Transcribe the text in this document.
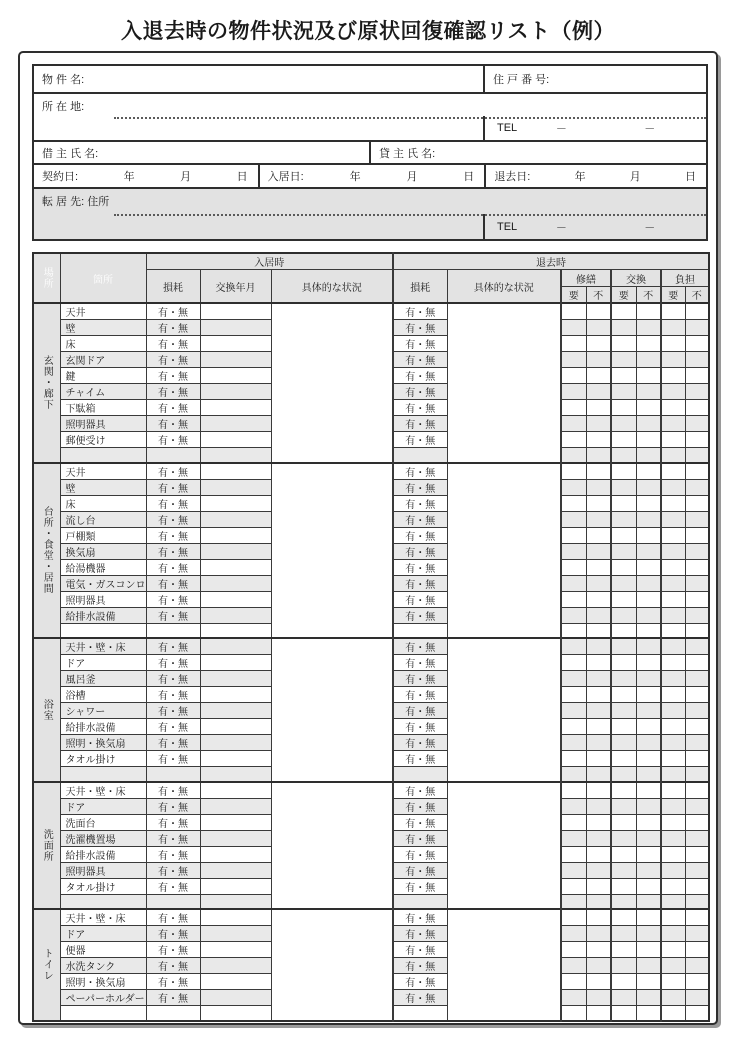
入退去時の物件状況及び原状回復確認リスト（例）
物 件 名:	住 戸 番 号:
所 在 地:
TEL	－	－
借 主 氏 名:	貸 主 氏 名:
契約日:	年	月	日 入居日:	年	月	日 退去日:	年	月	日
転 居 先: 住所
TEL	－	－
場所	箇所	入居時			退去時							
		損耗	交換年月	具体的な状況	損耗	具体的な状況	修繕		交換		負担	
							要	不	要	不	要	不
玄関・廊下	天井	有・無			有・無							
	壁	有・無			有・無							
	床	有・無			有・無							
	玄関ドア	有・無			有・無							
	鍵	有・無			有・無							
	チャイム	有・無			有・無							
	下駄箱	有・無			有・無							
	照明器具	有・無			有・無							
	郵便受け	有・無			有・無							

台所・食堂・居間	天井	有・無			有・無							
	壁	有・無			有・無							
	床	有・無			有・無							
	流し台	有・無			有・無							
	戸棚類	有・無			有・無							
	換気扇	有・無			有・無							
	給湯機器	有・無			有・無							
	電気・ガスコンロ	有・無			有・無							
	照明器具	有・無			有・無							
	給排水設備	有・無			有・無							

浴室	天井・壁・床	有・無			有・無							
	ドア	有・無			有・無							
	風呂釜	有・無			有・無							
	浴槽	有・無			有・無							
	シャワー	有・無			有・無							
	給排水設備	有・無			有・無							
	照明・換気扇	有・無			有・無							
	タオル掛け	有・無			有・無							

洗面所	天井・壁・床	有・無			有・無							
	ドア	有・無			有・無							
	洗面台	有・無			有・無							
	洗濯機置場	有・無			有・無							
	給排水設備	有・無			有・無							
	照明器具	有・無			有・無							
	タオル掛け	有・無			有・無							

トイレ	天井・壁・床	有・無			有・無							
	ドア	有・無			有・無							
	便器	有・無			有・無							
	水洗タンク	有・無			有・無							
	照明・換気扇	有・無			有・無							
	ペーパーホルダー	有・無			有・無							
